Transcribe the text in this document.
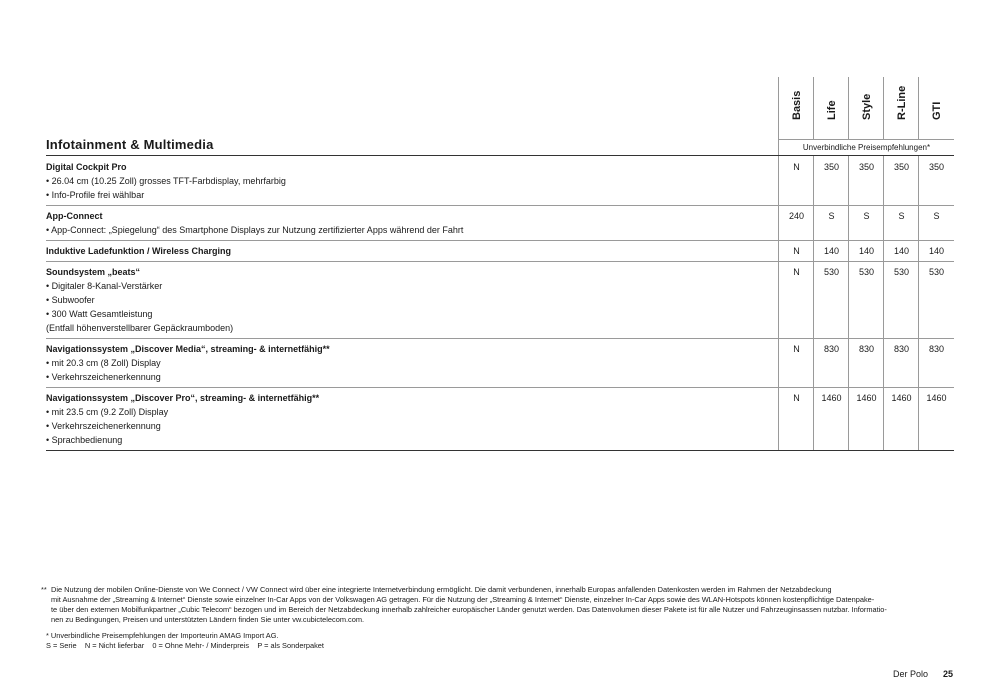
Basis Life Style R-Line GTI
Infotainment & Multimedia	Unverbindliche Preisempfehlungen*
Digital Cockpit Pro
• 26.04 cm (10.25 Zoll) grosses TFT-Farbdisplay, mehrfarbig
• Info-Profile frei wählbar
N	350	350	350	350
App-Connect
• App-Connect: „Spiegelung“ des Smartphone Displays zur Nutzung zertifizierter Apps während der Fahrt
240	S	S	S	S
Induktive Ladefunktion / Wireless Charging	N	140	140	140	140
Soundsystem „beats“
• Digitaler 8-Kanal-Verstärker
• Subwoofer
• 300 Watt Gesamtleistung
(Entfall höhenverstellbarer Gepäckraumboden)
N	530	530	530	530
Navigationssystem „Discover Media“, streaming- & internetfähig**
• mit 20.3 cm (8 Zoll) Display
• Verkehrszeichenerkennung
N	830	830	830	830
Navigationssystem „Discover Pro“, streaming- & internetfähig**
• mit 23.5 cm (9.2 Zoll) Display
• Verkehrszeichenerkennung
• Sprachbedienung
N	1460	1460	1460	1460
** Die Nutzung der mobilen Online-Dienste von We Connect / VW Connect wird über eine integrierte Internetverbindung ermöglicht. Die damit verbundenen, innerhalb Europas anfallenden Datenkosten werden im Rahmen der Netzabdeckung
mit Ausnahme der „Streaming & Internet“ Dienste sowie einzelner In-Car Apps von der Volkswagen AG getragen. Für die Nutzung der „Streaming & Internet“ Dienste, einzelner In-Car Apps sowie des WLAN-Hotspots können kostenpflichtige Datenpake-
te über den externen Mobilfunkpartner „Cubic Telecom“ bezogen und im Bereich der Netzabdeckung innerhalb zahlreicher europäischer Länder genutzt werden. Das Datenvolumen dieser Pakete ist für alle Nutzer und Fahrzeuginsassen nutzbar. Informatio-
nen zu Bedingungen, Preisen und unterstützten Ländern finden Sie unter vw.cubictelecom.com.
* Unverbindliche Preisempfehlungen der Importeurin AMAG Import AG.
S = Serie    N = Nicht lieferbar    0 = Ohne Mehr- / Minderpreis    P = als Sonderpaket
Der Polo 25
